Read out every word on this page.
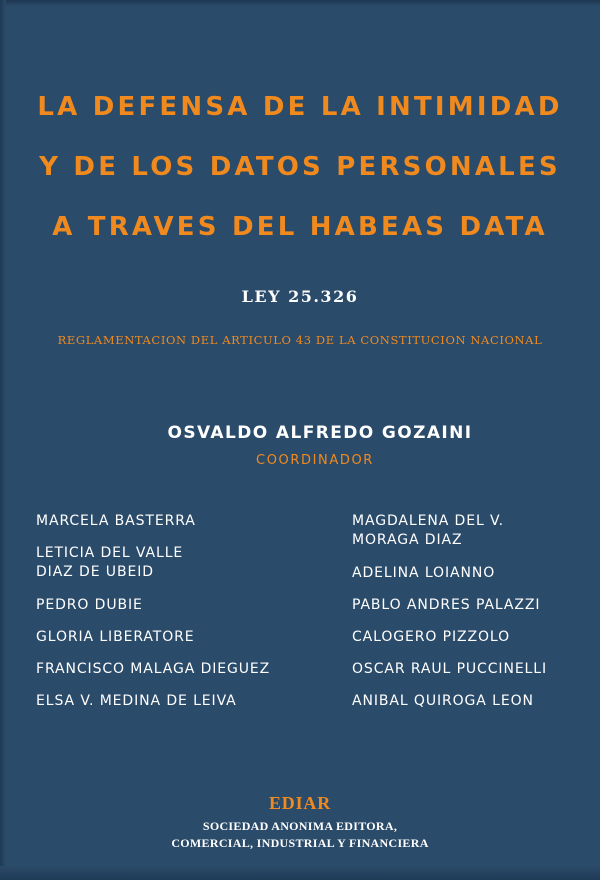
LA DEFENSA DE LA INTIMIDAD
Y DE LOS DATOS PERSONALES
A TRAVES DEL HABEAS DATA
LEY 25.326
REGLAMENTACION DEL ARTICULO 43 DE LA CONSTITUCION NACIONAL
OSVALDO ALFREDO GOZAINI
COORDINADOR
MARCELA BASTERRA
LETICIA DEL VALLE
DIAZ DE UBEID
PEDRO DUBIE
GLORIA LIBERATORE
FRANCISCO MALAGA DIEGUEZ
ELSA V. MEDINA DE LEIVA
MAGDALENA DEL V.
MORAGA DIAZ
ADELINA LOIANNO
PABLO ANDRES PALAZZI
CALOGERO PIZZOLO
OSCAR RAUL PUCCINELLI
ANIBAL QUIROGA LEON
EDIAR
SOCIEDAD ANONIMA EDITORA,
COMERCIAL, INDUSTRIAL Y FINANCIERA
